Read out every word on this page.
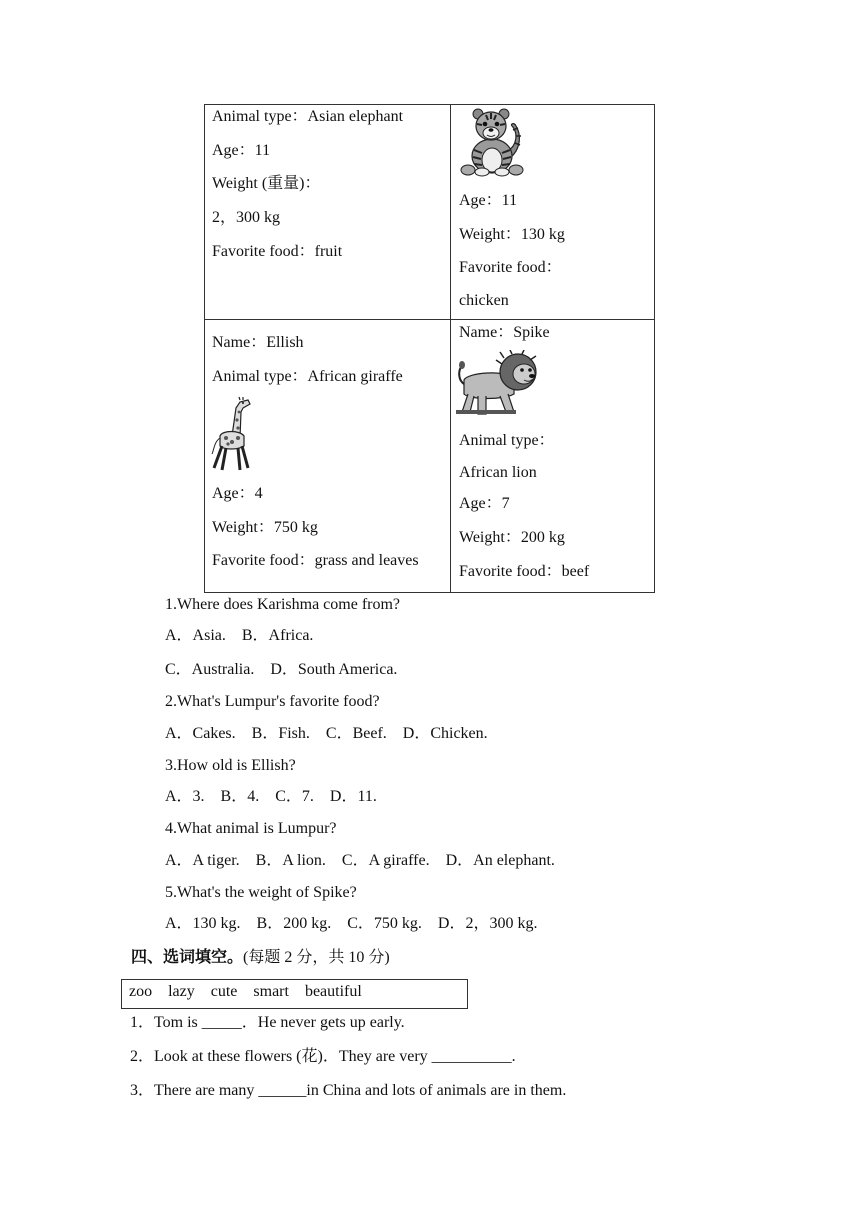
Animal type：Asian elephant
Age：11
Weight (重量)：
2，300 kg
Favorite food：fruit
Age：11
Weight：130 kg
Favorite food：
chicken
Name：Ellish
Animal type：African giraffe
Age：4
Weight：750 kg
Favorite food：grass and leaves
Name：Spike
Animal type：
African lion
Age：7
Weight：200 kg
Favorite food：beef
1.Where does Karishma come from?
A．Asia.　B．Africa.
C．Australia.　D．South America.
2.What's Lumpur's favorite food?
A．Cakes.　B．Fish.　C．Beef.　D．Chicken.
3.How old is Ellish?
A．3.　B．4.　C．7.　D．11.
4.What animal is Lumpur?
A．A tiger.　B．A lion.　C．A giraffe.　D．An elephant.
5.What's the weight of Spike?
A．130 kg.　B．200 kg.　C．750 kg.　D．2，300 kg.
四、选词填空。(每题 2 分，共 10 分)
zoo　lazy　cute　smart　beautiful
1．Tom is _____．He never gets up early.
2．Look at these flowers (花)．They are very __________.
3．There are many ______in China and lots of animals are in them.
